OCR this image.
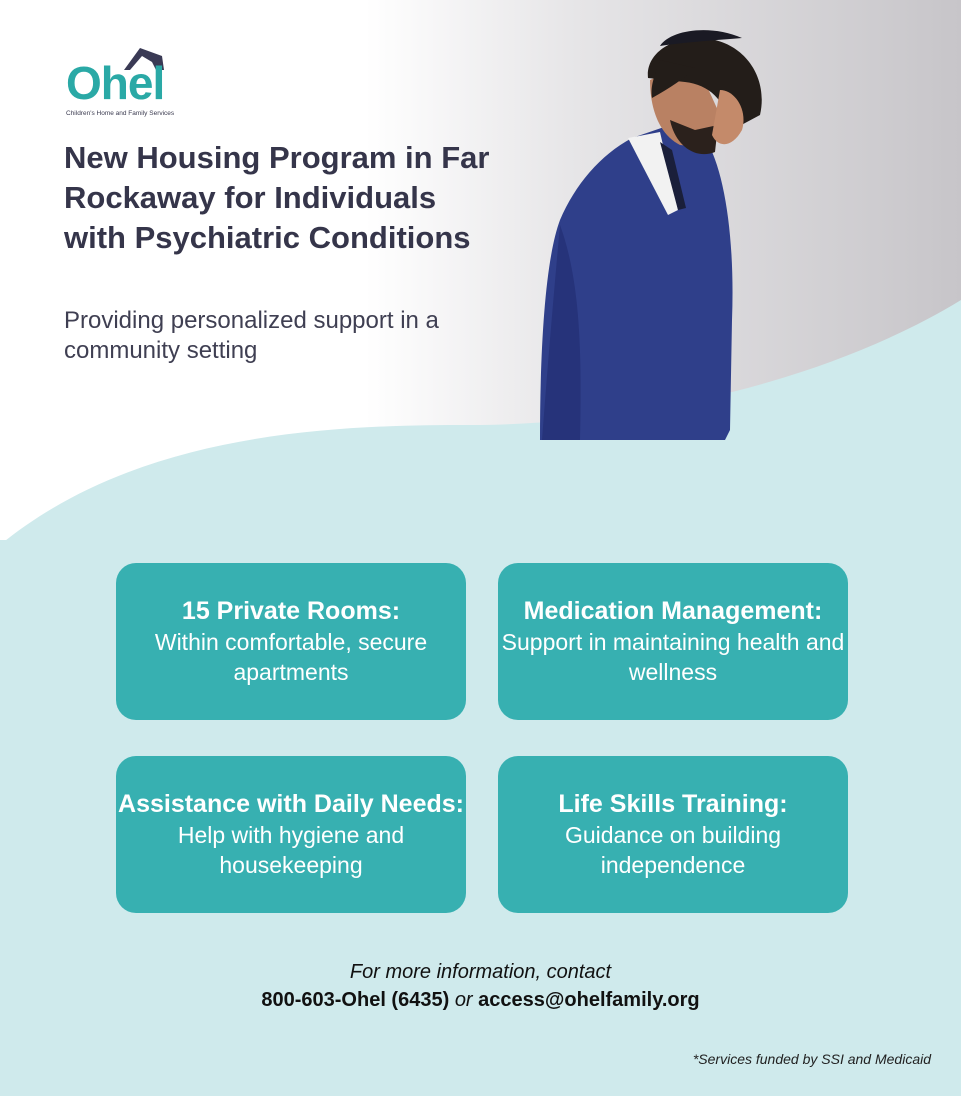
Ohel
Children's Home and Family Services
New Housing Program in Far Rockaway for Individuals with Psychiatric Conditions

Providing personalized support in a community setting

15 Private Rooms:
Within comfortable, secure apartments
Medication Management:
Support in maintaining health and wellness
Assistance with Daily Needs:
Help with hygiene and housekeeping
Life Skills Training:
Guidance on building independence
For more information, contact
800-603-Ohel (6435) or access@ohelfamily.org
*Services funded by SSI and Medicaid
